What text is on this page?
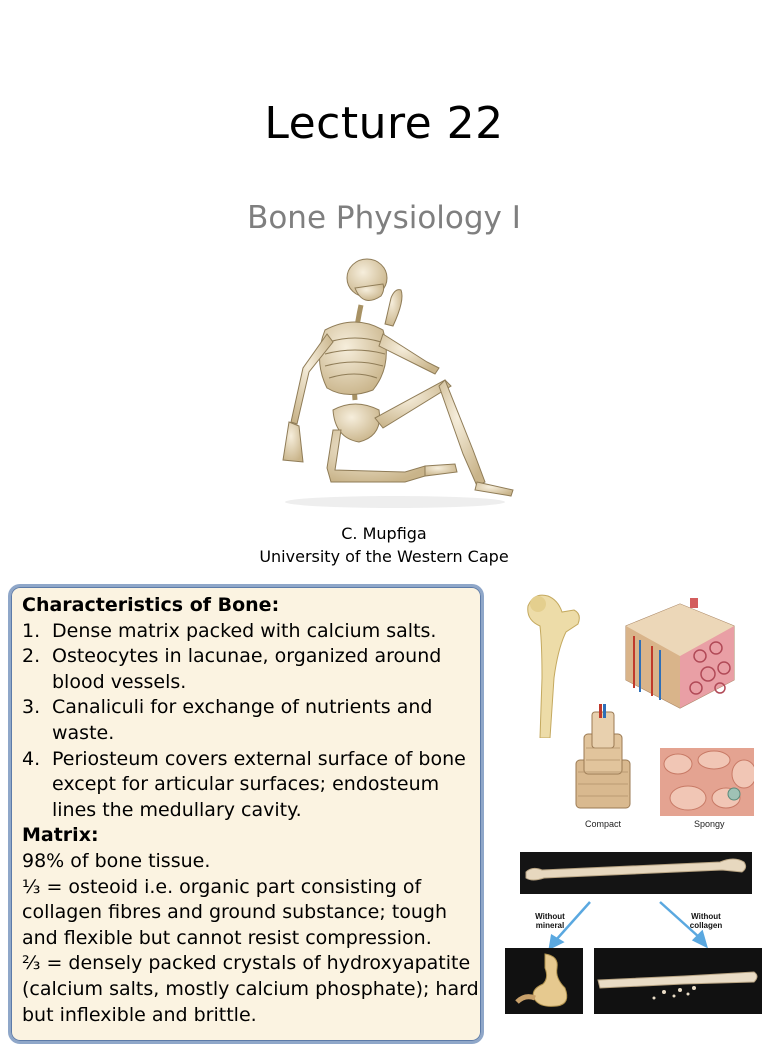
Lecture 22
Bone Physiology I
C. Mupfiga
University of the Western Cape
Characteristics of Bone:
1. Dense matrix packed with calcium salts.
2. Osteocytes in lacunae, organized around blood vessels.
3. Canaliculi for exchange of nutrients and waste.
4. Periosteum covers external surface of bone except for articular surfaces; endosteum lines the medullary cavity.
Matrix:
98% of bone tissue.
⅓ = osteoid i.e. organic part consisting of collagen fibres and ground substance; tough and flexible but cannot resist compression.
⅔ = densely packed crystals of hydroxyapatite (calcium salts, mostly calcium phosphate); hard but inflexible and brittle.
Compact	Spongy
Without mineral
Without collagen
